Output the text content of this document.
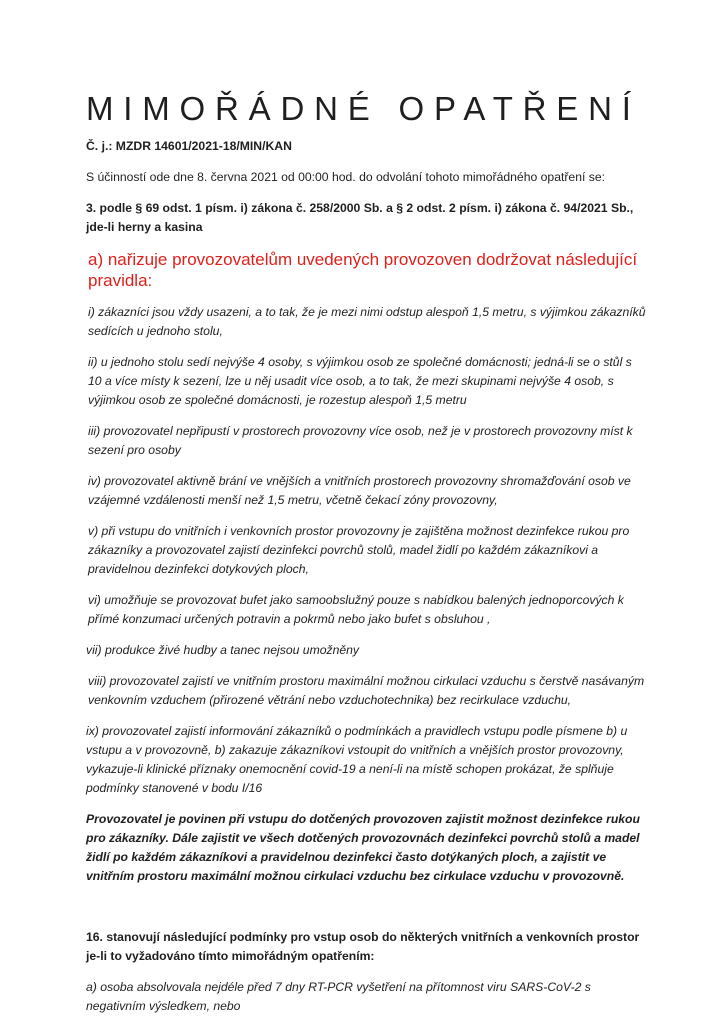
MIMOŘÁDNÉ OPATŘENÍ

Č. j.: MZDR 14601/2021-18/MIN/KAN

S účinností ode dne 8. června 2021 od 00:00 hod. do odvolání tohoto mimořádného opatření se:

3. podle § 69 odst. 1 písm. i) zákona č. 258/2000 Sb. a § 2 odst. 2 písm. i) zákona č. 94/2021 Sb., jde-li herny a kasina

a) nařizuje provozovatelům uvedených provozoven dodržovat následující pravidla:

i) zákazníci jsou vždy usazeni, a to tak, že je mezi nimi odstup alespoň 1,5 metru, s výjimkou zákazníků sedících u jednoho stolu,

ii) u jednoho stolu sedí nejvýše 4 osoby, s výjimkou osob ze společné domácnosti; jedná-li se o stůl s 10 a více místy k sezení, lze u něj usadit více osob, a to tak, že mezi skupinami nejvýše 4 osob, s výjimkou osob ze společné domácnosti, je rozestup alespoň 1,5 metru

iii) provozovatel nepřipustí v prostorech provozovny více osob, než je v prostorech provozovny míst k sezení pro osoby

iv) provozovatel aktivně brání ve vnějších a vnitřních prostorech provozovny shromažďování osob ve vzájemné vzdálenosti menší než 1,5 metru, včetně čekací zóny provozovny,

v) při vstupu do vnitřních i venkovních prostor provozovny je zajištěna možnost dezinfekce rukou pro zákazníky a provozovatel zajistí dezinfekci povrchů stolů, madel židlí po každém zákazníkovi a pravidelnou dezinfekci dotykových ploch,

vi) umožňuje se provozovat bufet jako samoobslužný pouze s nabídkou balených jednoporcových k přímé konzumaci určených potravin a pokrmů nebo jako bufet s obsluhou ,

vii) produkce živé hudby a tanec nejsou umožněny

viii) provozovatel zajistí ve vnitřním prostoru maximální možnou cirkulaci vzduchu s čerstvě nasávaným venkovním vzduchem (přirozené větrání nebo vzduchotechnika) bez recirkulace vzduchu,

ix) provozovatel zajistí informování zákazníků o podmínkách a pravidlech vstupu podle písmene b) u vstupu a v provozovně, b) zakazuje zákazníkovi vstoupit do vnitřních a vnějších prostor provozovny, vykazuje-li klinické příznaky onemocnění covid-19 a není-li na místě schopen prokázat, že splňuje podmínky stanovené v bodu I/16

Provozovatel je povinen při vstupu do dotčených provozoven zajistit možnost dezinfekce rukou pro zákazníky. Dále zajistit ve všech dotčených provozovnách dezinfekci povrchů stolů a madel židlí po každém zákazníkovi a pravidelnou dezinfekci často dotýkaných ploch, a zajistit ve vnitřním prostoru maximální možnou cirkulaci vzduchu bez cirkulace vzduchu v provozovně.

16. stanovují následující podmínky pro vstup osob do některých vnitřních a venkovních prostor je-li to vyžadováno tímto mimořádným opatřením:

a) osoba absolvovala nejdéle před 7 dny RT-PCR vyšetření na přítomnost viru SARS-CoV-2 s negativním výsledkem, nebo
